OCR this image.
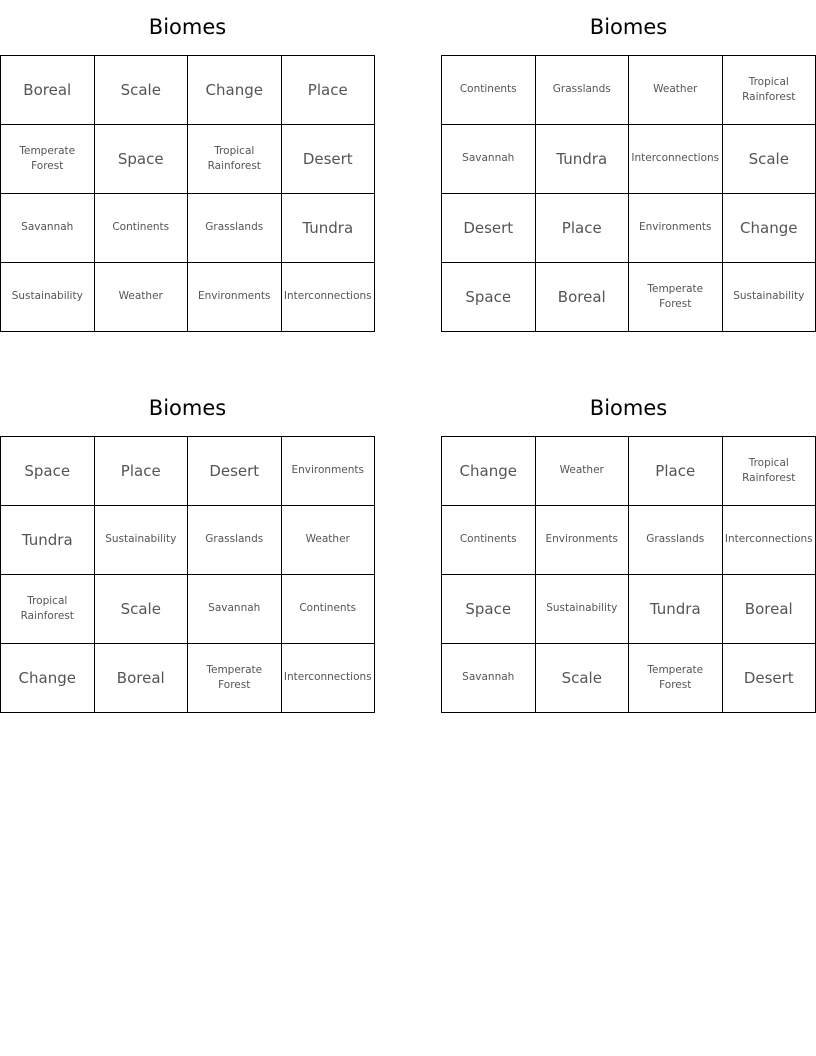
Biomes
Boreal	Scale	Change	Place
Temperate Forest	Space	Tropical Rainforest	Desert
Savannah	Continents	Grasslands	Tundra
Sustainability	Weather	Environments	Interconnections
Biomes
Continents	Grasslands	Weather	Tropical Rainforest
Savannah	Tundra	Interconnections	Scale
Desert	Place	Environments	Change
Space	Boreal	Temperate Forest	Sustainability
Biomes
Space	Place	Desert	Environments
Tundra	Sustainability	Grasslands	Weather
Tropical Rainforest	Scale	Savannah	Continents
Change	Boreal	Temperate Forest	Interconnections
Biomes
Change	Weather	Place	Tropical Rainforest
Continents	Environments	Grasslands	Interconnections
Space	Sustainability	Tundra	Boreal
Savannah	Scale	Temperate Forest	Desert
